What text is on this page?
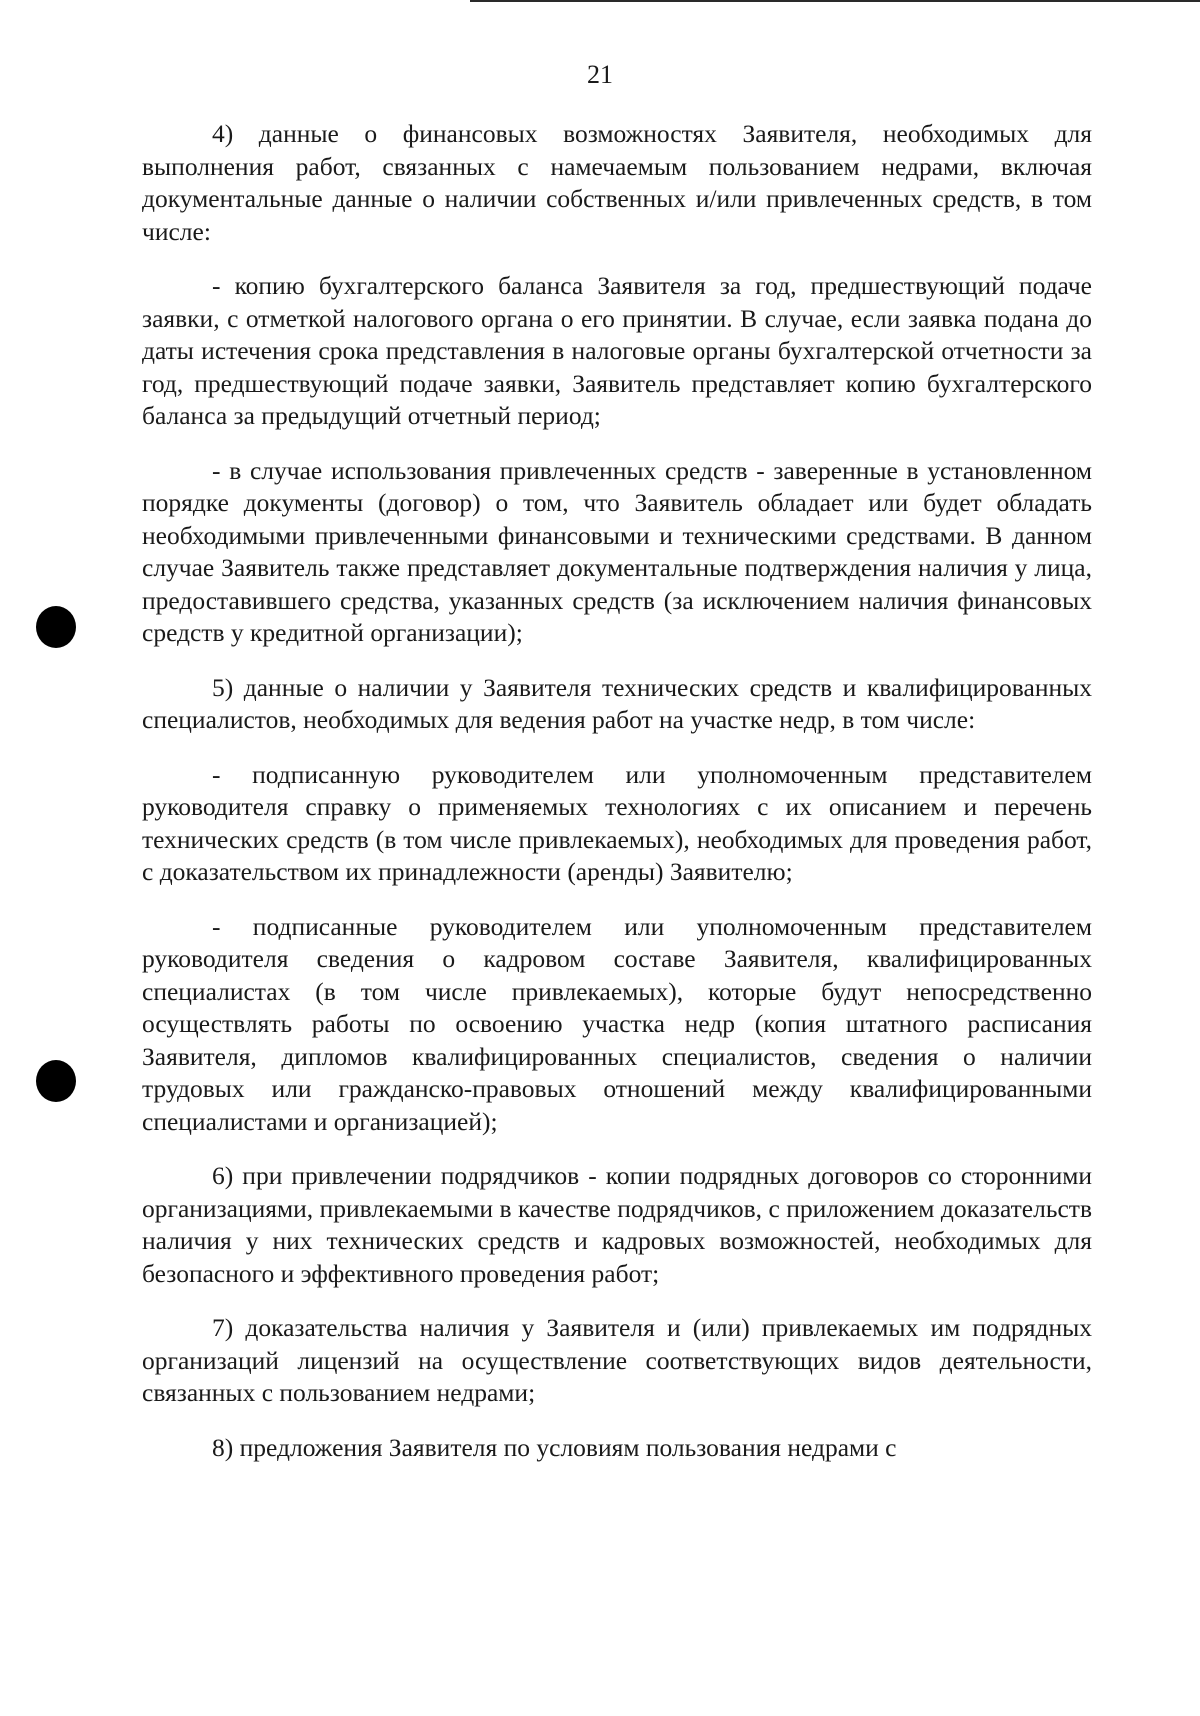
21

4) данные о финансовых возможностях Заявителя, необходимых для выполнения работ, связанных с намечаемым пользованием недрами, включая документальные данные о наличии собственных и/или привлеченных средств, в том числе:

- копию бухгалтерского баланса Заявителя за год, предшествующий подаче заявки, с отметкой налогового органа о его принятии. В случае, если заявка подана до даты истечения срока представления в налоговые органы бухгалтерской отчетности за год, предшествующий подаче заявки, Заявитель представляет копию бухгалтерского баланса за предыдущий отчетный период;

- в случае использования привлеченных средств - заверенные в установленном порядке документы (договор) о том, что Заявитель обладает или будет обладать необходимыми привлеченными финансовыми и техническими средствами. В данном случае Заявитель также представляет документальные подтверждения наличия у лица, предоставившего средства, указанных средств (за исключением наличия финансовых средств у кредитной организации);

5) данные о наличии у Заявителя технических средств и квалифицированных специалистов, необходимых для ведения работ на участке недр, в том числе:

- подписанную руководителем или уполномоченным представителем руководителя справку о применяемых технологиях с их описанием и перечень технических средств (в том числе привлекаемых), необходимых для проведения работ, с доказательством их принадлежности (аренды) Заявителю;

- подписанные руководителем или уполномоченным представителем руководителя сведения о кадровом составе Заявителя, квалифицированных специалистах (в том числе привлекаемых), которые будут непосредственно осуществлять работы по освоению участка недр (копия штатного расписания Заявителя, дипломов квалифицированных специалистов, сведения о наличии трудовых или гражданско-правовых отношений между квалифицированными специалистами и организацией);

6) при привлечении подрядчиков - копии подрядных договоров со сторонними организациями, привлекаемыми в качестве подрядчиков, с приложением доказательств наличия у них технических средств и кадровых возможностей, необходимых для безопасного и эффективного проведения работ;

7) доказательства наличия у Заявителя и (или) привлекаемых им подрядных организаций лицензий на осуществление соответствующих видов деятельности, связанных с пользованием недрами;

8) предложения Заявителя по условиям пользования недрами с
